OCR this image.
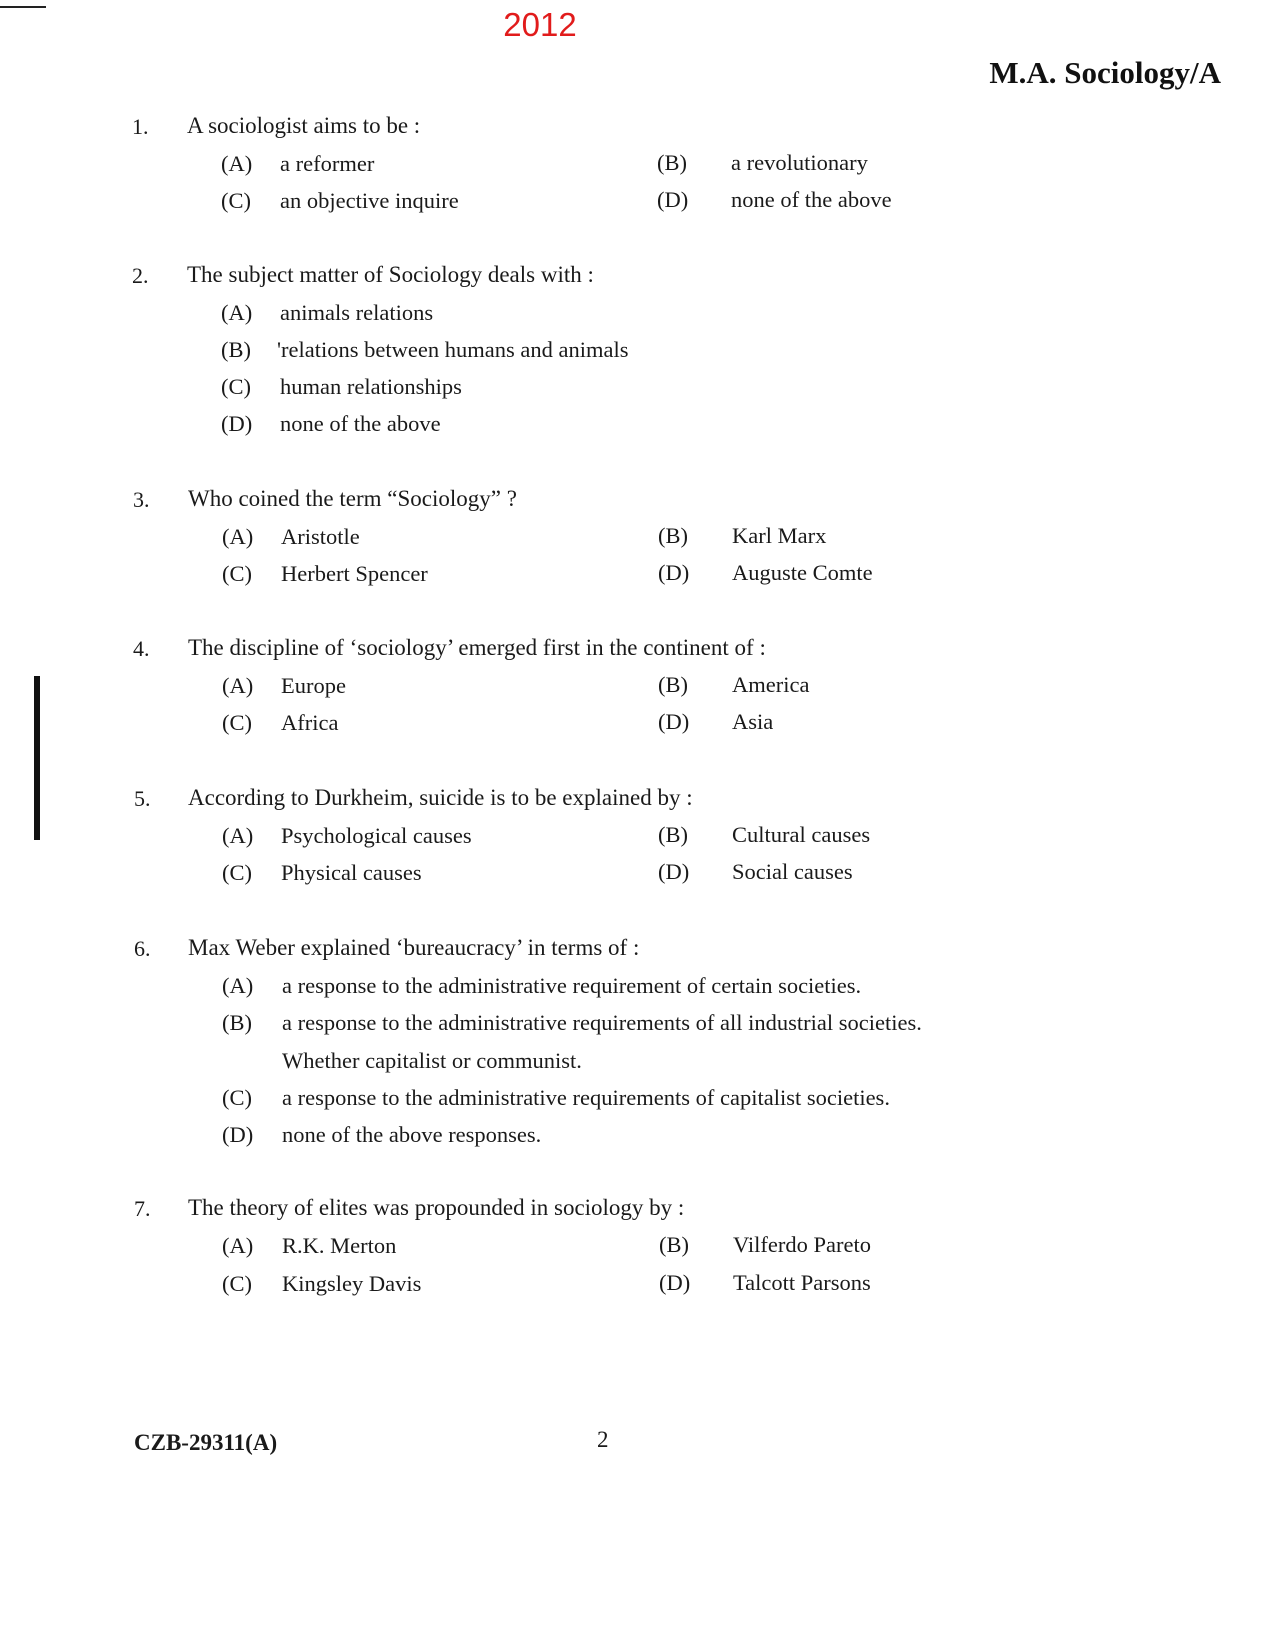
2012
M.A. Sociology/A
1. A sociologist aims to be :
(A) a reformer	(B) a revolutionary
(C) an objective inquire	(D) none of the above
2. The subject matter of Sociology deals with :
(A) animals relations
(B) 'relations between humans and animals
(C) human relationships
(D) none of the above
3. Who coined the term “Sociology” ?
(A) Aristotle	(B) Karl Marx
(C) Herbert Spencer	(D) Auguste Comte
4. The discipline of ‘sociology’ emerged first in the continent of :
(A) Europe	(B) America
(C) Africa	(D) Asia
5. According to Durkheim, suicide is to be explained by :
(A) Psychological causes	(B) Cultural causes
(C) Physical causes	(D) Social causes
6. Max Weber explained ‘bureaucracy’ in terms of :
(A) a response to the administrative requirement of certain societies.
(B) a response to the administrative requirements of all industrial societies.
Whether capitalist or communist.
(C) a response to the administrative requirements of capitalist societies.
(D) none of the above responses.
7. The theory of elites was propounded in sociology by :
(A) R.K. Merton	(B) Vilferdo Pareto
(C) Kingsley Davis	(D) Talcott Parsons
CZB-29311(A)	2
